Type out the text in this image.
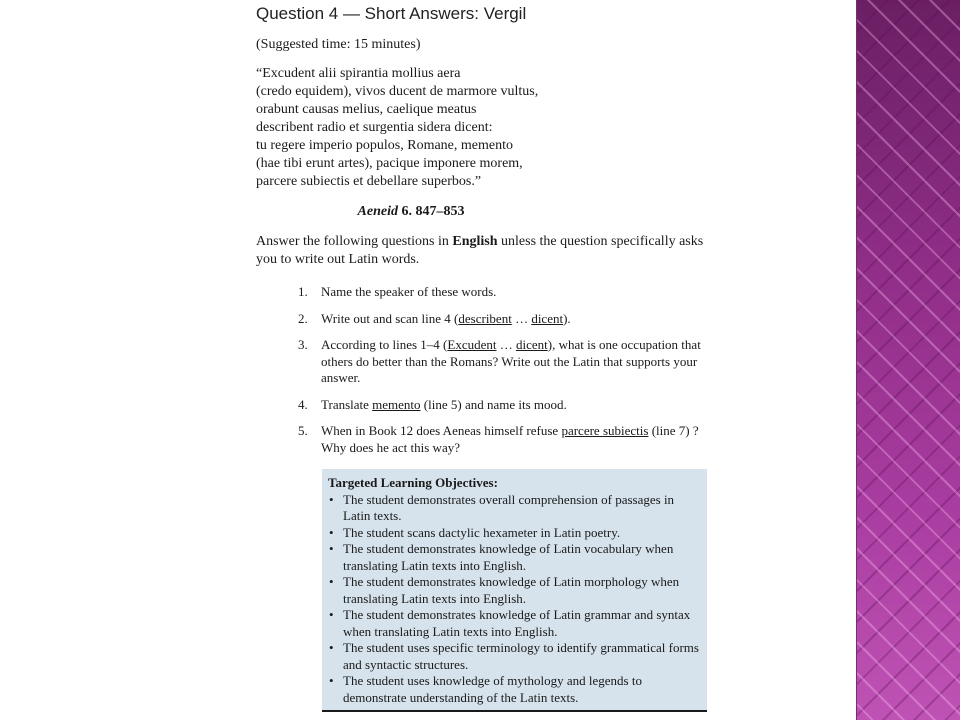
Question 4 — Short Answers: Vergil
(Suggested time: 15 minutes)
“Excudent alii spirantia mollius aera
(credo equidem), vivos ducent de marmore vultus,
orabunt causas melius, caelique meatus
describent radio et surgentia sidera dicent:
tu regere imperio populos, Romane, memento
(hae tibi erunt artes), pacique imponere morem,
parcere subiectis et debellare superbos.”
Aeneid 6. 847–853
Answer the following questions in English unless the question specifically asks you to write out Latin words.
1. Name the speaker of these words.
2. Write out and scan line 4 (describent … dicent).
3. According to lines 1–4 (Excudent … dicent), what is one occupation that others do better than the Romans? Write out the Latin that supports your answer.
4. Translate memento (line 5) and name its mood.
5. When in Book 12 does Aeneas himself refuse parcere subiectis (line 7) ? Why does he act this way?
Targeted Learning Objectives:
• The student demonstrates overall comprehension of passages in Latin texts.
• The student scans dactylic hexameter in Latin poetry.
• The student demonstrates knowledge of Latin vocabulary when translating Latin texts into English.
• The student demonstrates knowledge of Latin morphology when translating Latin texts into English.
• The student demonstrates knowledge of Latin grammar and syntax when translating Latin texts into English.
• The student uses specific terminology to identify grammatical forms and syntactic structures.
• The student uses knowledge of mythology and legends to demonstrate understanding of the Latin texts.
